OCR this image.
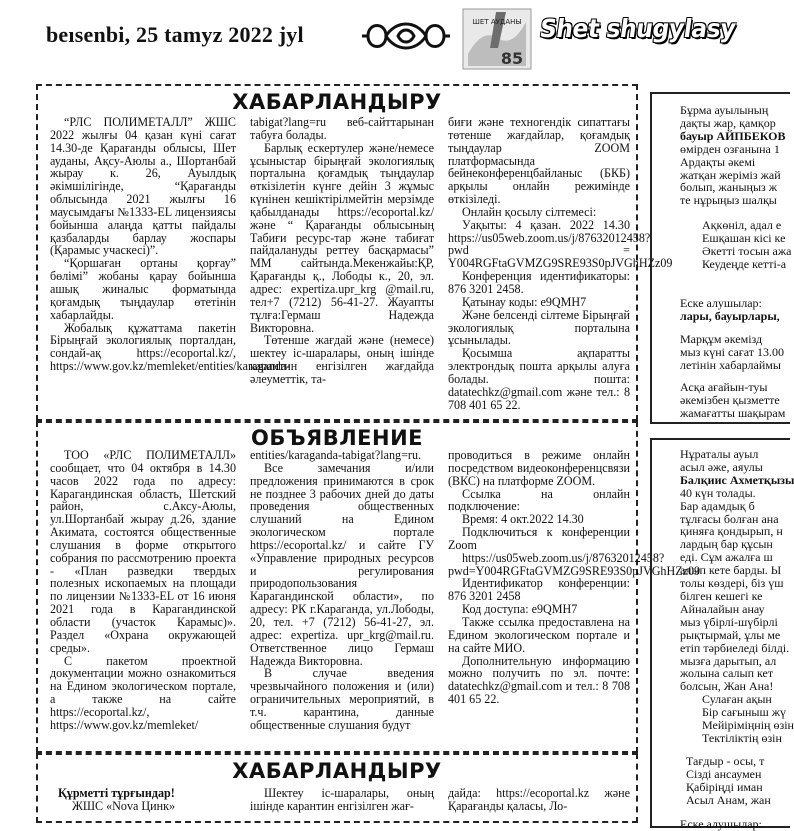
beısenbi, 25 tamyz 2022 jyl	ШЕТ АУДАНЫ
85
Shet shugylasy
ХАБАРЛАНДЫРУ

“РЛС ПОЛИМЕТАЛЛ” ЖШС 2022 жылғы 04 қазан күні сағат 14.30-де Қарағанды облысы, Шет ауданы, Ақсу-Аюлы а., Шортанбай жырау к. 26, Ауылдық әкімшілігінде, “Қарағанды облысында 2021 жылғы 16 маусымдағы №1333-EL лицензиясы бойынша алаңда қатты пайдалы қазбаларды барлау жоспары (Қарамыс учаскесі)”.

“Қоршаған ортаны қорғау” бөлімі” жобаны қарау бойынша ашық жиналыс форматында қоғамдық тыңдаулар өтетінін хабарлайды.

Жобалық құжаттама пакетін Бірыңғай экологиялық порталдан, сондай-ақ https://ecoportal.kz/, https://www.gov.kz/memleket/entities/karaganda-

tabigat?lang=ru веб-сайттарынан табуға болады.

Барлық ескертулер және/немесе ұсыныстар бірыңғай экологиялық порталына қоғамдық тыңдаулар өткізілетін күнге дейін 3 жұмыс күнінен кешіктірілмейтін мерзімде қабылданады https://ecoportal.kz/ және “ Қарағанды облысының Табиғи ресурс-тар және табиғат пайдалануды реттеу басқармасы” ММ сайтында.Мекенжайы:ҚР, Қарағанды қ., Лободы к., 20, эл. адрес: expertiza.upr_krg @mail.ru, тел+7 (7212) 56-41-27. Жауапты тұлға:Гермаш Надежда Викторовна.

Төтенше жағдай және (немесе) шектеу іс-шаралары, оның ішінде карантин енгізілген жағдайда әлеуметтік, та-

биғи және техногендік сипаттағы төтенше жағдайлар, қоғамдық тыңдаулар ZOOM платформасында бейнеконференцбайланыс (БКБ) арқылы онлайн режимінде өткізіледі.

Онлайн қосылу сілтемесі:

Уақыты: 4 қазан. 2022 14.30 https://us05web.zoom.us/j/87632012458?pwd = Y004RGFtaGVMZG9SRE93S0pJVGhHZz09

Конференция идентификаторы: 876 3201 2458.

Қатынау коды: e9QMH7

Және белсенді сілтеме Бірыңғай экологиялық порталына ұсынылады.

Қосымша ақпаратты электрондық пошта арқылы алуға болады. пошта: datatechkz@gmail.com және тел.: 8 708 401 65 22.

ОБЪЯВЛЕНИЕ

ТОО «РЛС ПОЛИМЕТАЛЛ» сообщает, что 04 октября в 14.30 часов 2022 года по адресу: Карагандинская область, Шетский район, с.Аксу-Аюлы, ул.Шортанбай жырау д.26, здание Акимата, состоятся общественные слушания в форме открытого собрания по рассмотрению проекта - «План разведки твердых полезных ископаемых на площади по лицензии №1333-EL от 16 июня 2021 года в Карагандинской области (участок Карамыс)». Раздел «Охрана окружающей среды».

С пакетом проектной документации можно ознакомиться на Едином экологическом портале, а также на сайте https://ecoportal.kz/, https://www.gov.kz/memleket/

entities/karaganda-tabigat?lang=ru.

Все замечания и/или предложения принимаются в срок не позднее 3 рабочих дней до даты проведения общественных слушаний на Едином экологическом портале https://ecoportal.kz/ и сайте ГУ «Управление природных ресурсов и регулирования природопользования Карагандинской области», по адресу: РК г.Караганда, ул.Лободы, 20, тел. +7 (7212) 56-41-27, эл. адрес: expertiza. upr_krg@mail.ru. Ответственное лицо Гермаш Надежда Викторовна.

В случае введения чрезвычайного положения и (или) ограничительных мероприятий, в т.ч. карантина, данные общественные слушания будут

проводиться в режиме онлайн посредством видеоконференцсвязи (ВКС) на платформе ZOOM.

Ссылка на онлайн подключение:

Время: 4 окт.2022 14.30

Подключиться к конференции Zoom

https://us05web.zoom.us/j/87632012458?pwd=Y004RGFtaGVMZG9SRE93S0pJVGhHZz09

Идентификатор конференции: 876 3201 2458

Код доступа: e9QMH7

Также ссылка предоставлена на Едином экологическом портале и на сайте МИО.

Дополнительную информацию можно получить по эл. почте: datatechkz@gmail.com и тел.: 8 708 401 65 22.

ХАБАРЛАНДЫРУ

Құрметті тұрғындар!

ЖШС «Nova Цинк»

Шектеу іс-шаралары, оның ішінде карантин енгізілген жағ-

дайда: https://ecoportal.kz және Қарағанды қаласы, Ло-

Бұрма ауылының

дақты жар, қамқор

бауыр АЙПБЕКОВ

өмірден озғанына 1

Ардақты әкемі

жатқан жеріміз жай

болып, жаныңыз ж

те нұрыңыз шалқы

Ақкөніл, адал е

Ешқашан кісі ке

Әкетті тосын ажа

Кеудеңде кетті-а

Еске алушылар:

лары, бауырлары,

Марқұм әкемізд

мыз күні сағат 13.00

летінін хабарлаймы

Асқа ағайын-туы

әкемізбен қызметте

жамағатты шақырам

Нұраталы ауыл

асыл әже, аяулы

Балқиис Ахметқызы

40 күн толады.

Бар адамдық б

тұлғасы болған ана

қиняға қондырып, н

лардың бар құсын

еді. Сұм ажалға ш

алып кете барды. Ы

толы көздері, біз үш

білген кешегі ке

Айналайын анау

мыз үбірлі-шүбірлі

рықтырмай, ұлы ме

етіп тәрбиеледі білді.

мызға дарытып, ал

жолына салып кет

болсын, Жан Ана!

Сулаған ақын

Бір сағыныш жү

Мейіріміңнің өзін

Тектіліктің өзін

Тағдыр - осы, т

Сізді ансаумен

Қабіріңді иман

Асыл Анам, жан

Еске алушылар:
